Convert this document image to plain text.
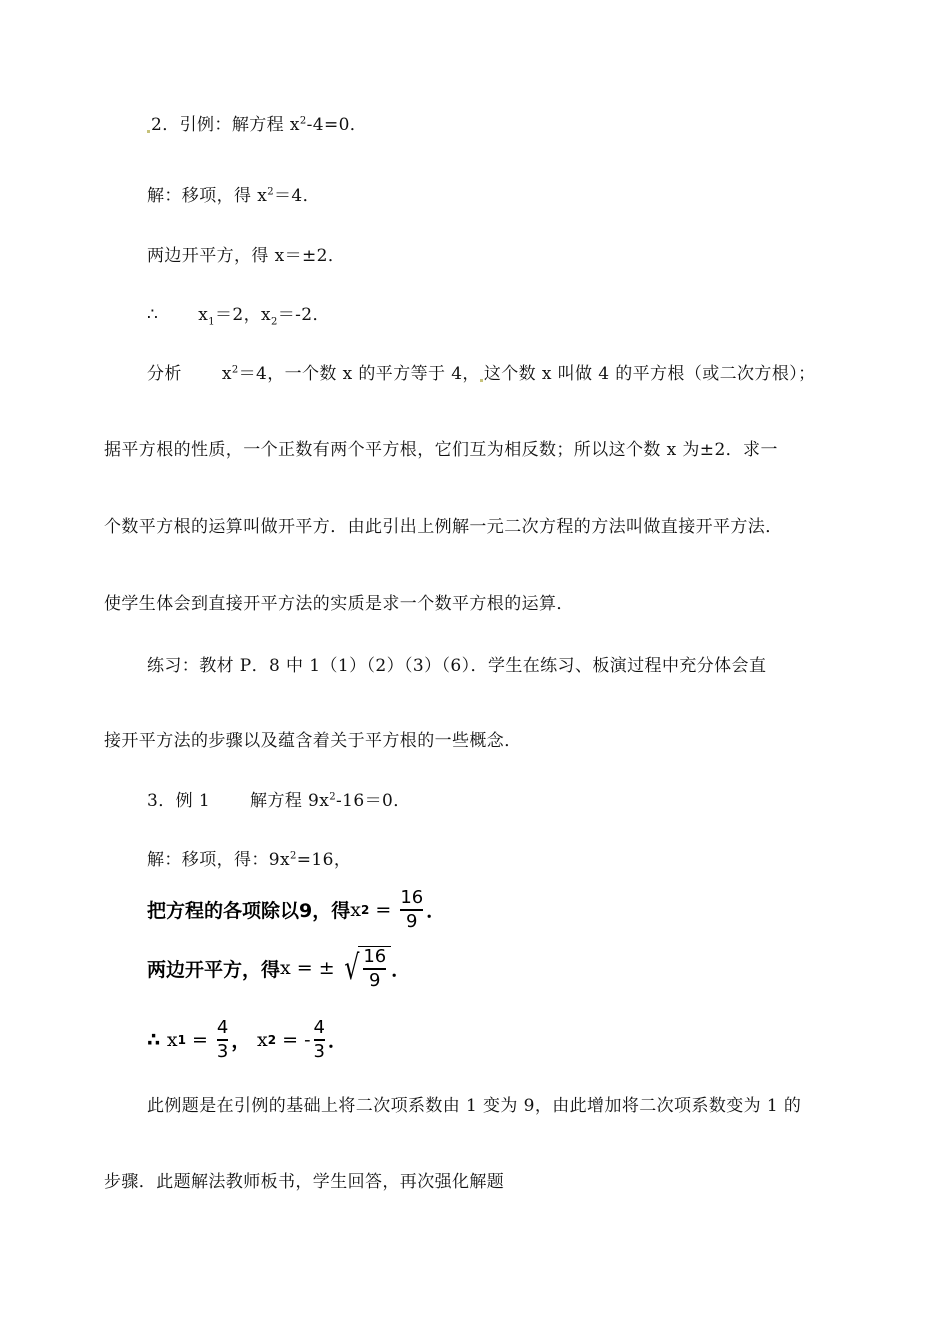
2．引例：解方程 $x^2-4=0$．
解：移项，得 $x^2=4$．
两边开平方，得 x＝±2．
∴ $x_1=2$，$x_2=-2$．
分析 $x^2=4$，一个数 x 的平方等于 4， 这个数 x 叫做 4 的平方根（或二次方根）；
据平方根的性质，一个正数有两个平方根，它们互为相反数；所以这个数 x 为±2．求一
个数平方根的运算叫做开平方．由此引出上例解一元二次方程的方法叫做直接开平方法．
使学生体会到直接开平方法的实质是求一个数平方根的运算．
练习：教材 P．8 中 1（1）（2）（3）（6）．学生在练习、板演过程中充分体会直
接开平方法的步骤以及蕴含着关于平方根的一些概念．
3．例 1 解方程 $9x^2-16=0$．
解：移项，得：$9x^2=16$，
把方程的各项除以9，得 x $2 = \frac{16}{9}$ ．
两边开平方，得 x = ± √ $\frac{16}{9}$ ．
∴ x $1 = \frac{4}{3}$ ， x 2 = - $\frac{4}{3}$ ．
此例题是在引例的基础上将二次项系数由 1 变为 9，由此增加将二次项系数变为 1 的
步骤．此题解法教师板书，学生回答，再次强化解题
